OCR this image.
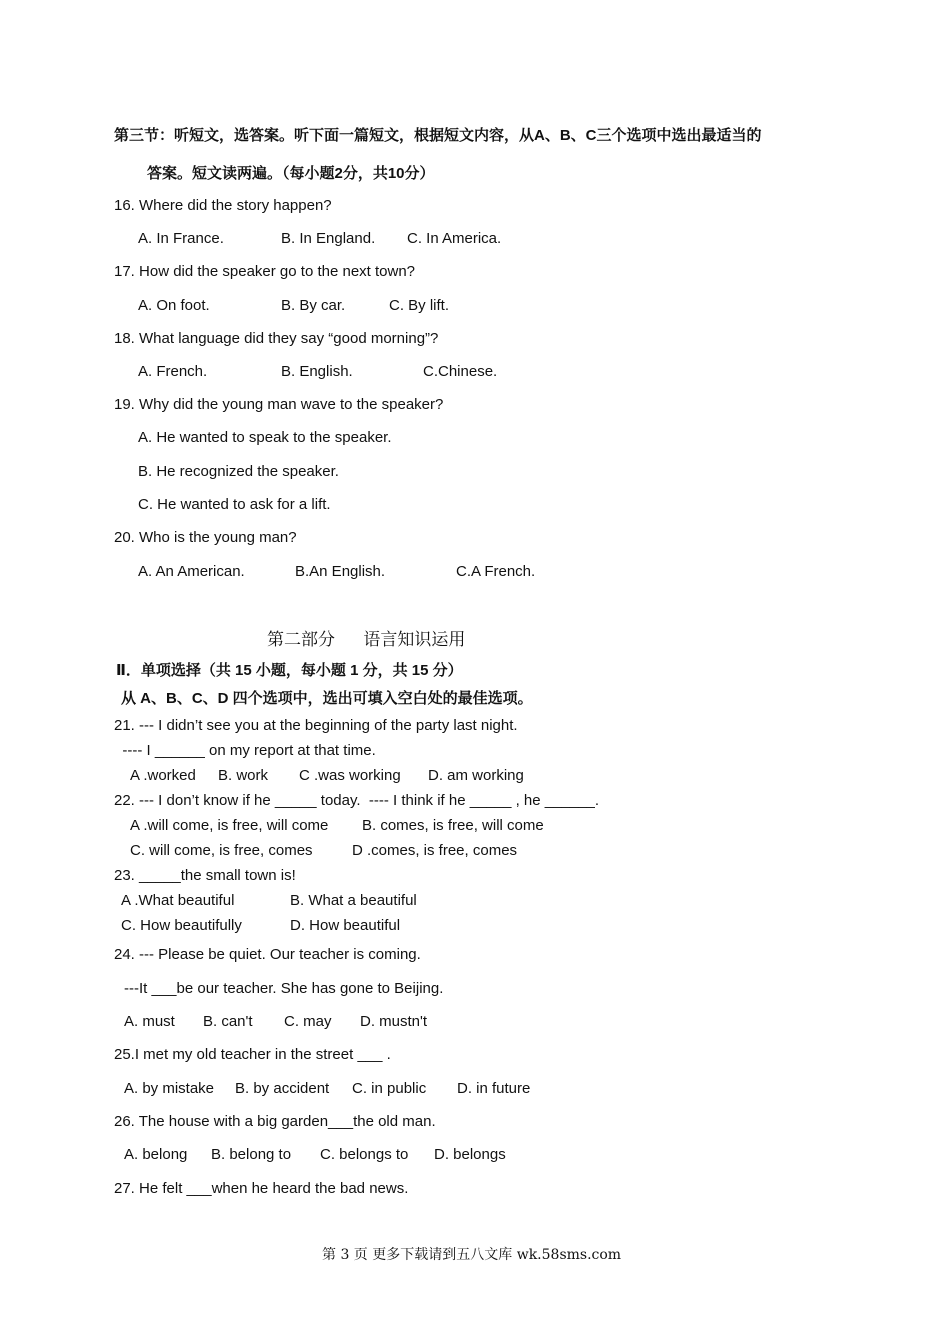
第三节：听短文，选答案。听下面一篇短文，根据短文内容，从A、B、C三个选项中选出最适当的
答案。短文读两遍。（每小题2分，共10分）
16. Where did the story happen?
A. In France.	B. In England. C. In America.
17. How did the speaker go to the next town?
A. On foot.	B. By car.	C. By lift.
18. What language did they say “good morning”?
A. French.	B. English.	C.Chinese.
19. Why did the young man wave to the speaker?
A. He wanted to speak to the speaker.
B. He recognized the speaker.
C. He wanted to ask for a lift.
20. Who is the young man?
A. An American.	B.An English.	C.A French.
第二部分      语言知识运用
Ⅱ．单项选择（共 15 小题，每小题 1 分，共 15 分）
从 A、B、C、D 四个选项中，选出可填入空白处的最佳选项。
21. --- I didn’t see you at the beginning of the party last night.
---- I ______ on my report at that time.
A .worked B. work C .was working D. am working
22. --- I don’t know if he _____ today.  ---- I think if he _____ , he ______.
A .will come, is free, will come B. comes, is free, will come
C. will come, is free, comes	D .comes, is free, comes
23. _____the small town is!
A .What beautiful	B. What a beautiful
C. How beautifully	D. How beautiful
24. --- Please be quiet. Our teacher is coming.
---It ___be our teacher. She has gone to Beijing.
A. must B. can't C. may D. mustn't
25.I met my old teacher in the street ___ .
A. by mistake B. by accident C. in public D. in future
26. The house with a big garden___the old man.
A. belong B. belong to C. belongs to D. belongs
27. He felt ___when he heard the bad news.
第 3 页 更多下载请到五八文库 wk.58sms.com
